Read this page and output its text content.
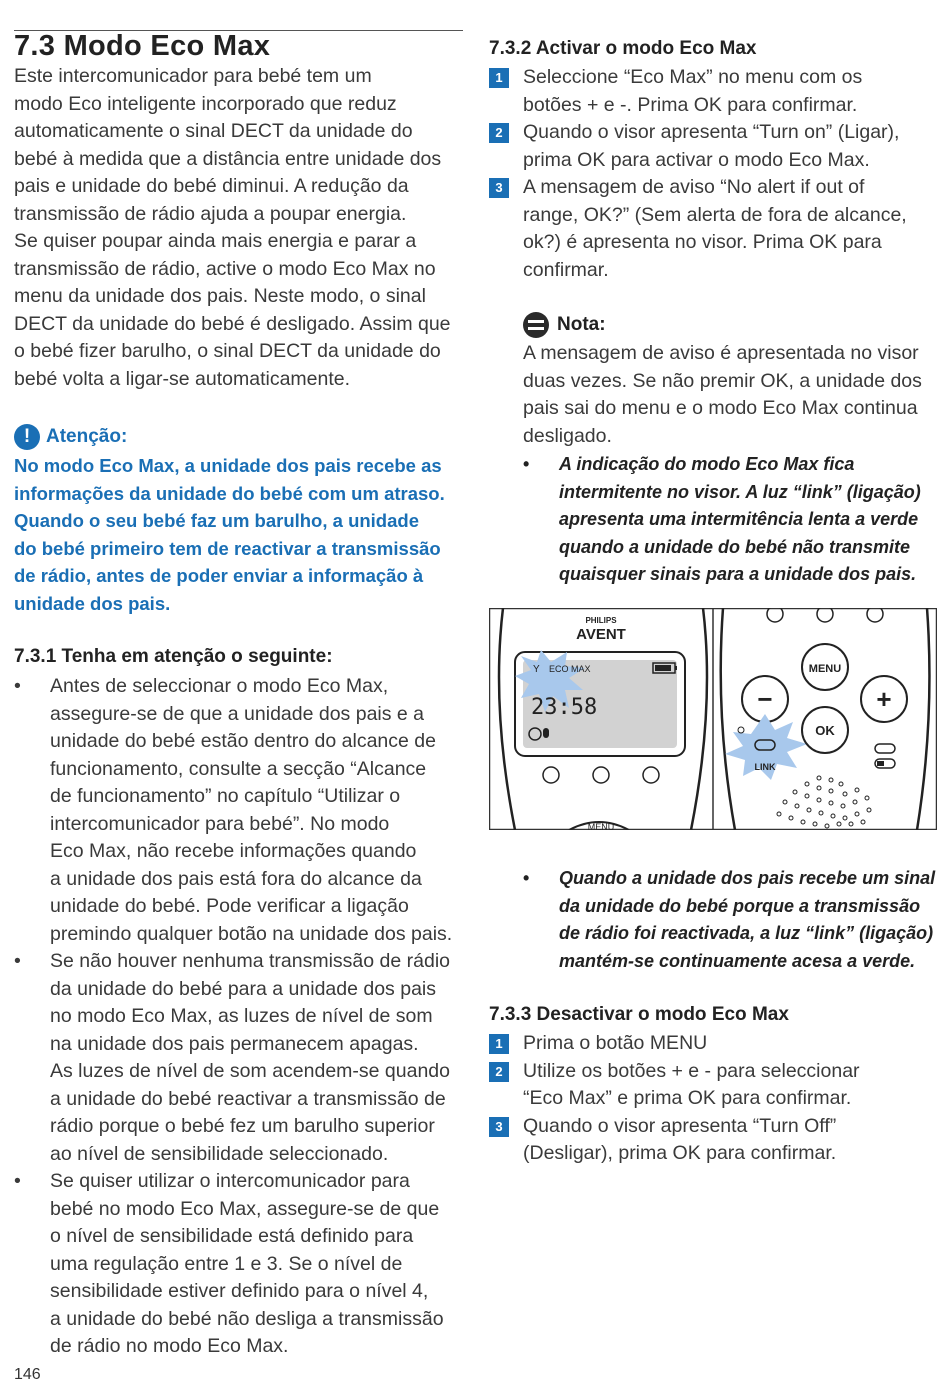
7.3 Modo Eco Max
Este intercomunicador para bebé tem um
modo Eco inteligente incorporado que reduz
automaticamente o sinal DECT da unidade do
bebé à medida que a distância entre unidade dos
pais e unidade do bebé diminui. A redução da
transmissão de rádio ajuda a poupar energia.
Se quiser poupar ainda mais energia e parar a
transmissão de rádio, active o modo Eco Max no
menu da unidade dos pais. Neste modo, o sinal
DECT da unidade do bebé é desligado. Assim que
o bebé fizer barulho, o sinal DECT da unidade do
bebé volta a ligar-se automaticamente.
! Atenção:
No modo Eco Max, a unidade dos pais recebe as
informações da unidade do bebé com um atraso.
Quando o seu bebé faz um barulho, a unidade
do bebé primeiro tem de reactivar a transmissão
de rádio, antes de poder enviar a informação à
unidade dos pais.
7.3.1 Tenha em atenção o seguinte:
• Antes de seleccionar o modo Eco Max,
assegure-se de que a unidade dos pais e a
unidade do bebé estão dentro do alcance de
funcionamento, consulte a secção “Alcance
de funcionamento” no capítulo “Utilizar o
intercomunicador para bebé”. No modo
Eco Max, não recebe informações quando
a unidade dos pais está fora do alcance da
unidade do bebé. Pode verificar a ligação
premindo qualquer botão na unidade dos pais.
• Se não houver nenhuma transmissão de rádio
da unidade do bebé para a unidade dos pais
no modo Eco Max, as luzes de nível de som
na unidade dos pais permanecem apagas.
As luzes de nível de som acendem-se quando
a unidade do bebé reactivar a transmissão de
rádio porque o bebé fez um barulho superior
ao nível de sensibilidade seleccionado.
• Se quiser utilizar o intercomunicador para
bebé no modo Eco Max, assegure-se de que
o nível de sensibilidade está definido para
uma regulação entre 1 e 3. Se o nível de
sensibilidade estiver definido para o nível 4,
a unidade do bebé não desliga a transmissão
de rádio no modo Eco Max.
7.3.2 Activar o modo Eco Max
1	Seleccione “Eco Max” no menu com os
botões + e -. Prima OK para confirmar.
2	Quando o visor apresenta “Turn on” (Ligar),
prima OK para activar o modo Eco Max.
3	A mensagem de aviso “No alert if out of
range, OK?” (Sem alerta de fora de alcance,
ok?) é apresenta no visor. Prima OK para
confirmar.
Nota:
A mensagem de aviso é apresentada no visor
duas vezes. Se não premir OK, a unidade dos
pais sai do menu e o modo Eco Max continua
desligado.
• A indicação do modo Eco Max fica
intermitente no visor. A luz “link” (ligação)
apresenta uma intermitência lenta a verde
quando a unidade do bebé não transmite
quaisquer sinais para a unidade dos pais.
PHILIPS
AVENT
Y ECO MAX
23:58
MENU
MENU
−	+
LINK
OK
• Quando a unidade dos pais recebe um sinal
da unidade do bebé porque a transmissão
de rádio foi reactivada, a luz “link” (ligação)
mantém-se continuamente acesa a verde.
7.3.3 Desactivar o modo Eco Max
1	Prima o botão MENU
2	Utilize os botões + e - para seleccionar
“Eco Max” e prima OK para confirmar.
3	Quando o visor apresenta “Turn Off”
(Desligar), prima OK para confirmar.
146
